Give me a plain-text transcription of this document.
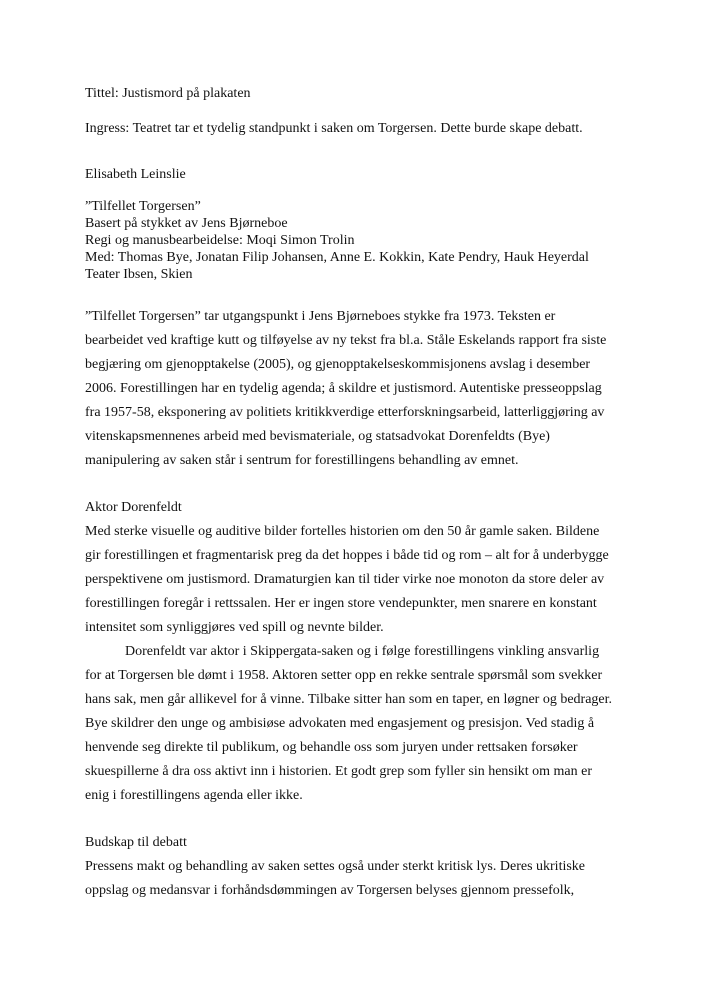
Tittel: Justismord på plakaten
Ingress: Teatret tar et tydelig standpunkt i saken om Torgersen. Dette burde skape debatt.
Elisabeth Leinslie
”Tilfellet Torgersen”
Basert på stykket av Jens Bjørneboe
Regi og manusbearbeidelse: Moqi Simon Trolin
Med: Thomas Bye, Jonatan Filip Johansen, Anne E. Kokkin, Kate Pendry, Hauk Heyerdal
Teater Ibsen, Skien
”Tilfellet Torgersen” tar utgangspunkt i Jens Bjørneboes stykke fra 1973. Teksten er
bearbeidet ved kraftige kutt og tilføyelse av ny tekst fra bl.a. Ståle Eskelands rapport fra siste
begjæring om gjenopptakelse (2005), og gjenopptakelseskommisjonens avslag i desember
2006. Forestillingen har en tydelig agenda; å skildre et justismord. Autentiske presseoppslag
fra 1957-58, eksponering av politiets kritikkverdige etterforskningsarbeid, latterliggjøring av
vitenskapsmennenes arbeid med bevismateriale, og statsadvokat Dorenfeldts (Bye)
manipulering av saken står i sentrum for forestillingens behandling av emnet.
Aktor Dorenfeldt
Med sterke visuelle og auditive bilder fortelles historien om den 50 år gamle saken. Bildene
gir forestillingen et fragmentarisk preg da det hoppes i både tid og rom – alt for å underbygge
perspektivene om justismord. Dramaturgien kan til tider virke noe monoton da store deler av
forestillingen foregår i rettssalen. Her er ingen store vendepunkter, men snarere en konstant
intensitet som synliggjøres ved spill og nevnte bilder.
Dorenfeldt var aktor i Skippergata-saken og i følge forestillingens vinkling ansvarlig
for at Torgersen ble dømt i 1958. Aktoren setter opp en rekke sentrale spørsmål som svekker
hans sak, men går allikevel for å vinne. Tilbake sitter han som en taper, en løgner og bedrager.
Bye skildrer den unge og ambisiøse advokaten med engasjement og presisjon. Ved stadig å
henvende seg direkte til publikum, og behandle oss som juryen under rettsaken forsøker
skuespillerne å dra oss aktivt inn i historien. Et godt grep som fyller sin hensikt om man er
enig i forestillingens agenda eller ikke.
Budskap til debatt
Pressens makt og behandling av saken settes også under sterkt kritisk lys. Deres ukritiske
oppslag og medansvar i forhåndsdømmingen av Torgersen belyses gjennom pressefolk,
